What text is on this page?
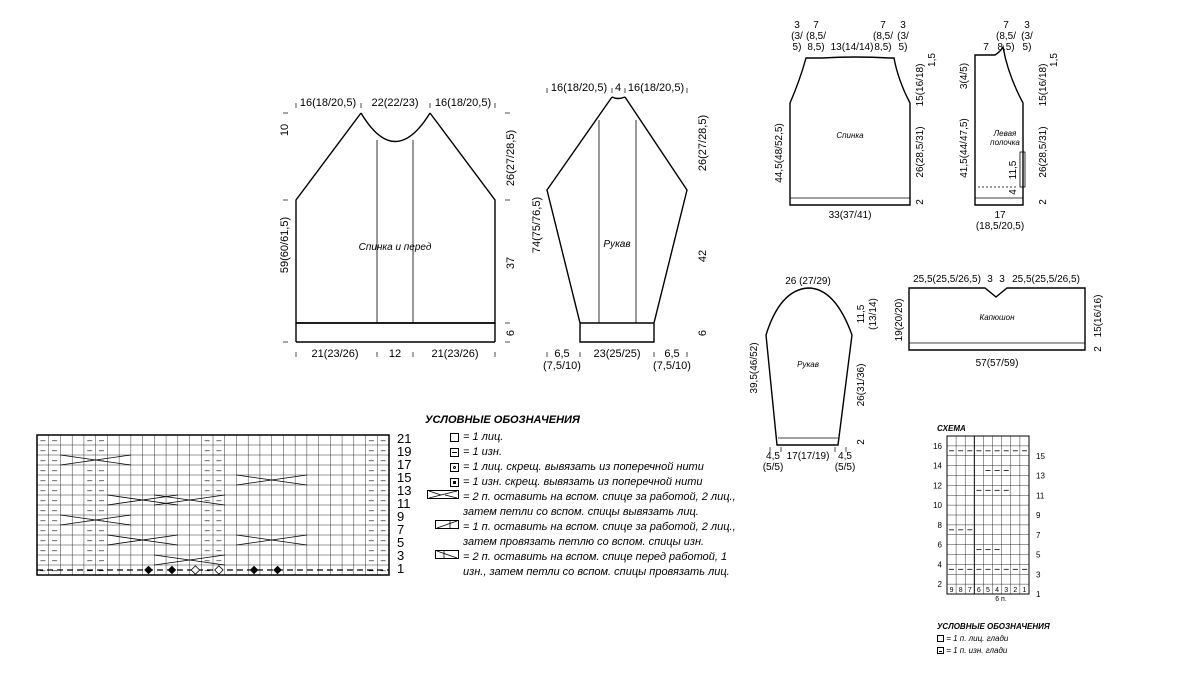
16(18/20,5) 22(22/23) 16(18/20,5)
10
59(60/61,5)
26(27/28,5)
37
6
21(23/26)	12	21(23/26)
Спинка и перед
16(18/20,5) 4 16(18/20,5)
74(75/76,5)
26(27/28,5)
42
6
6,5
(7,5/10)
23(25/25) 6,5
(7,5/10)
Рукав
3
(3/
5)
7
(8,5/
8,5) 13(14/14)
7
(8,5/
8,5)
3
(3/
5)
1,5
44,5(48/52,5)
15(16/18)
26(28,5/31)
2
33(37/41)
Спинка
7
(8,5/
8,5)
3
(3/
5)
7
1,5
3(4/5)
41,5(44/47,5)	11,5
4
15(16/18)
26(28,5/31)
2
17
(18,5/20,5)
Левая
полочка
26 (27/29)
11,5 (13/14)
39,5(46/52)	26(31/36)
2
4,5
(5/5)
17(17/19) 4,5
(5/5)
Рукав
25,5(25,5/26,5) 3 3 25,5(25,5/26,5)
19(20/20)	15(16/16)
2
57(57/59)
Капюшон
– –	– –	– –
– –
– –	– –	– –
– –
– –	– –	– –
– –
– –	– –	– –
– –
– –	– –	– –
– –
– –	– –	– –
– –
– –	– –	– –
– –
– –	– –	– –
– –
– –	– –	– –
– –
– –	– –	– –
– –
– –	– –	– –
– –
– –	– –	– –
– –
– –	– –	– –
– –
– –	– –	– –
–
21
19
17
15
13
11
9
7
5
3
1
СХЕМА
16
14
12
10
8
6
4
2
15
13
11
9
7
5
3
1
9 8 7 6 5 4 3 2 1
6 п.
УСЛОВНЫЕ ОБОЗНАЧЕНИЯ
= 1 лиц.
= 1 изн.
= 1 лиц. скрещ. вывязать из поперечной нити
= 1 изн. скрещ. вывязать из поперечной нити
= 2 п. оставить на вспом. спице за работой, 2 лиц., затем петли со вспом. спицы вывязать лиц.
= 1 п. оставить на вспом. спице за работой, 2 лиц., затем провязать петлю со вспом. спицы изн.
= 2 п. оставить на вспом. спице перед работой, 1 изн., затем петли со вспом. спицы провязать лиц.
УСЛОВНЫЕ ОБОЗНАЧЕНИЯ
= 1 п. лиц. глади
= 1 п. изн. глади
